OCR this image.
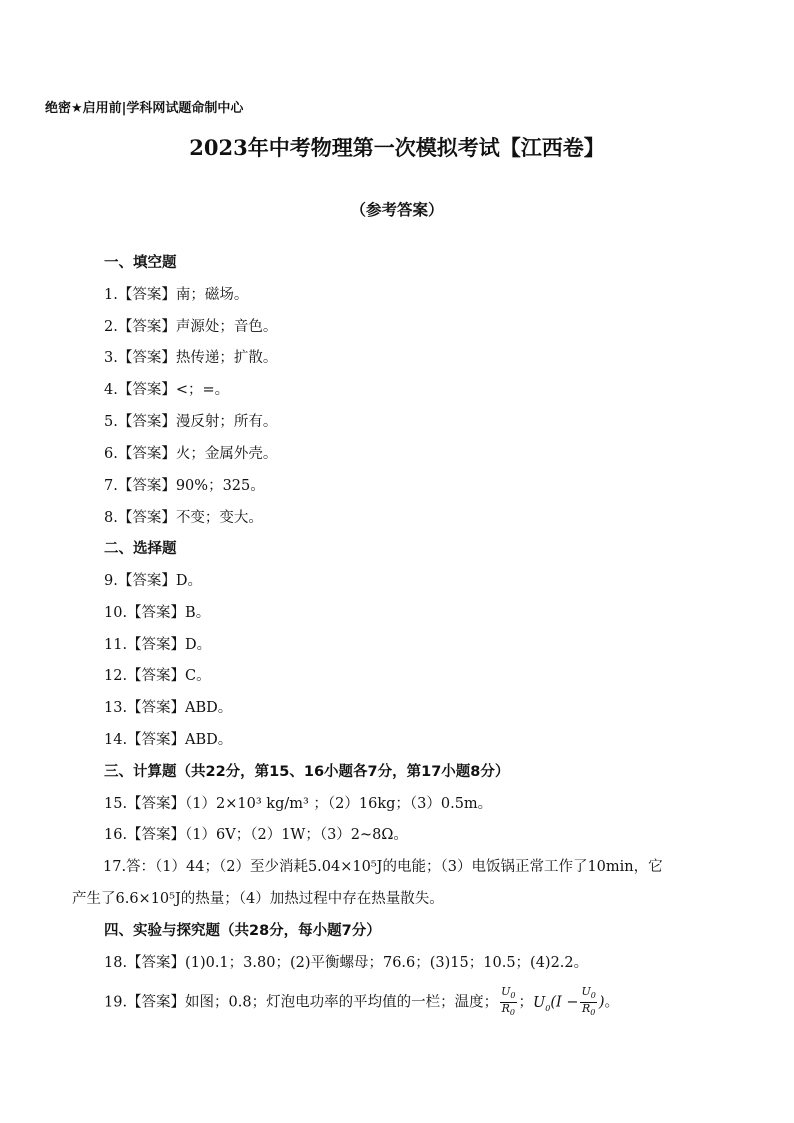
绝密★启用前|学科网试题命制中心
2023年中考物理第一次模拟考试【江西卷】
（参考答案）
一、填空题
1.【答案】南；磁场。
2.【答案】声源处；音色。
3.【答案】热传递；扩散。
4.【答案】<；=。
5.【答案】漫反射；所有。
6.【答案】火；金属外壳。
7.【答案】90%；325。
8.【答案】不变；变大。
二、选择题
9.【答案】D。
10.【答案】B。
11.【答案】D。
12.【答案】C。
13.【答案】ABD。
14.【答案】ABD。
三、计算题（共22分，第15、16小题各7分，第17小题8分）
15.【答案】（1）2×10³ kg/m³ ；（2）16kg；（3）0.5m。
16.【答案】（1）6V；（2）1W；（3）2~8Ω。
17.答：（1）44；（2）至少消耗5.04×10⁵J的电能；（3）电饭锅正常工作了10min，它
产生了6.6×10⁵J的热量；（4）加热过程中存在热量散失。
四、实验与探究题（共28分，每小题7分）
18.【答案】(1)0.1；3.80；(2)平衡螺母；76.6；(3)15；10.5；(4)2.2。
19.【答案】如图；0.8；灯泡电功率的平均值的一栏；温度； $\frac{U_0}{R_0}$ ；$U_0(I - \frac{U_0}{R_0}$ )。
